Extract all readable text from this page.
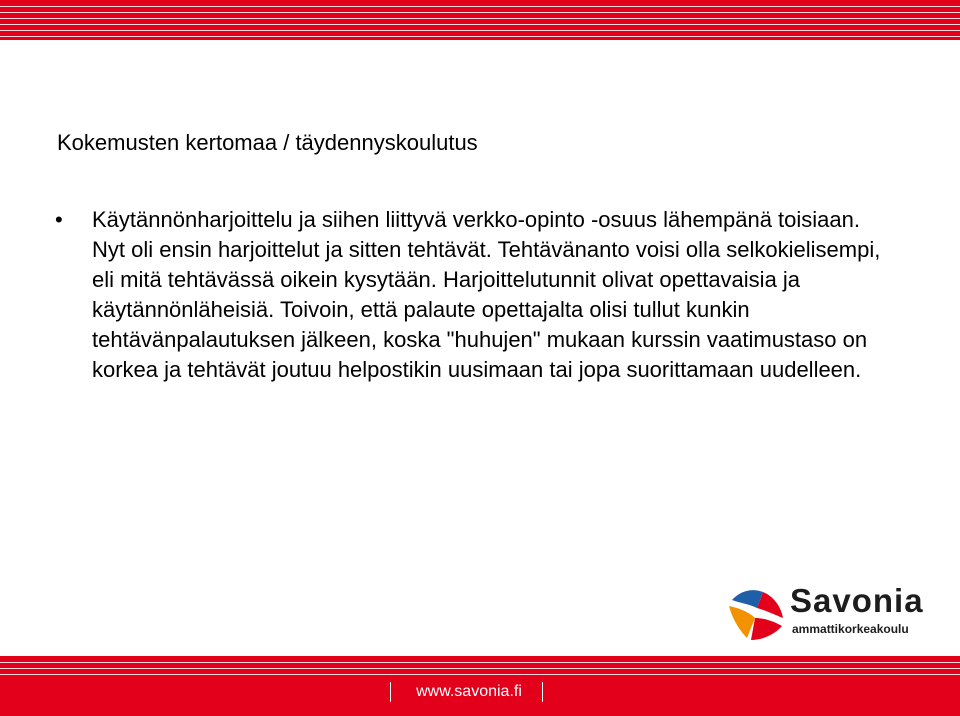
Kokemusten kertomaa / täydennyskoulutus
• Käytännönharjoittelu ja siihen liittyvä verkko-opinto -osuus lähempänä toisiaan. Nyt oli ensin harjoittelut ja sitten tehtävät. Tehtävänanto voisi olla selkokielisempi, eli mitä tehtävässä oikein kysytään. Harjoittelutunnit olivat opettavaisia ja käytännönläheisiä. Toivoin, että palaute opettajalta olisi tullut kunkin tehtävänpalautuksen jälkeen, koska "huhujen" mukaan kurssin vaatimustaso on korkea ja tehtävät joutuu helpostikin uusimaan tai jopa suorittamaan uudelleen.
Savonia
ammattikorkeakoulu
www.savonia.fi
